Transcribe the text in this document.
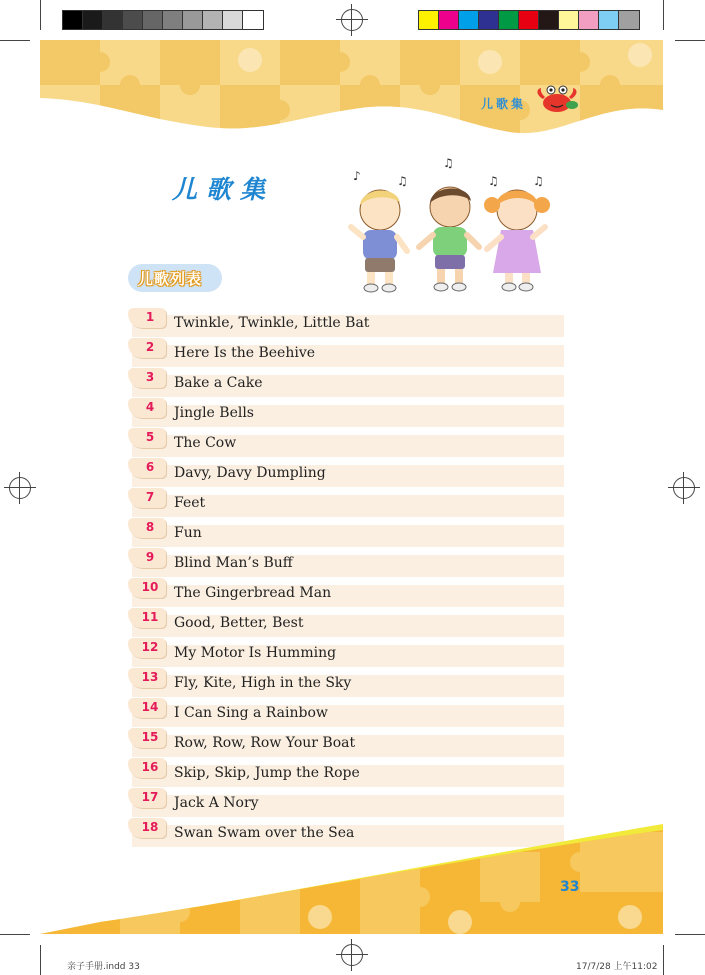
儿歌集
儿歌集	♪	♫
♫
♫	♫
儿歌列表
1	Twinkle, Twinkle, Little Bat
2	Here Is the Beehive
3	Bake a Cake
4	Jingle Bells
5	The Cow
6	Davy, Davy Dumpling
7	Feet
8	Fun
9	Blind Man’s Buff
10 The Gingerbread Man
11 Good, Better, Best
12 My Motor Is Humming
13 Fly, Kite, High in the Sky
14 I Can Sing a Rainbow
15 Row, Row, Row Your Boat
16 Skip, Skip, Jump the Rope
17 Jack A Nory
18 Swan Swam over the Sea
33
亲子手册.indd 33	17/7/28 上午11:02
